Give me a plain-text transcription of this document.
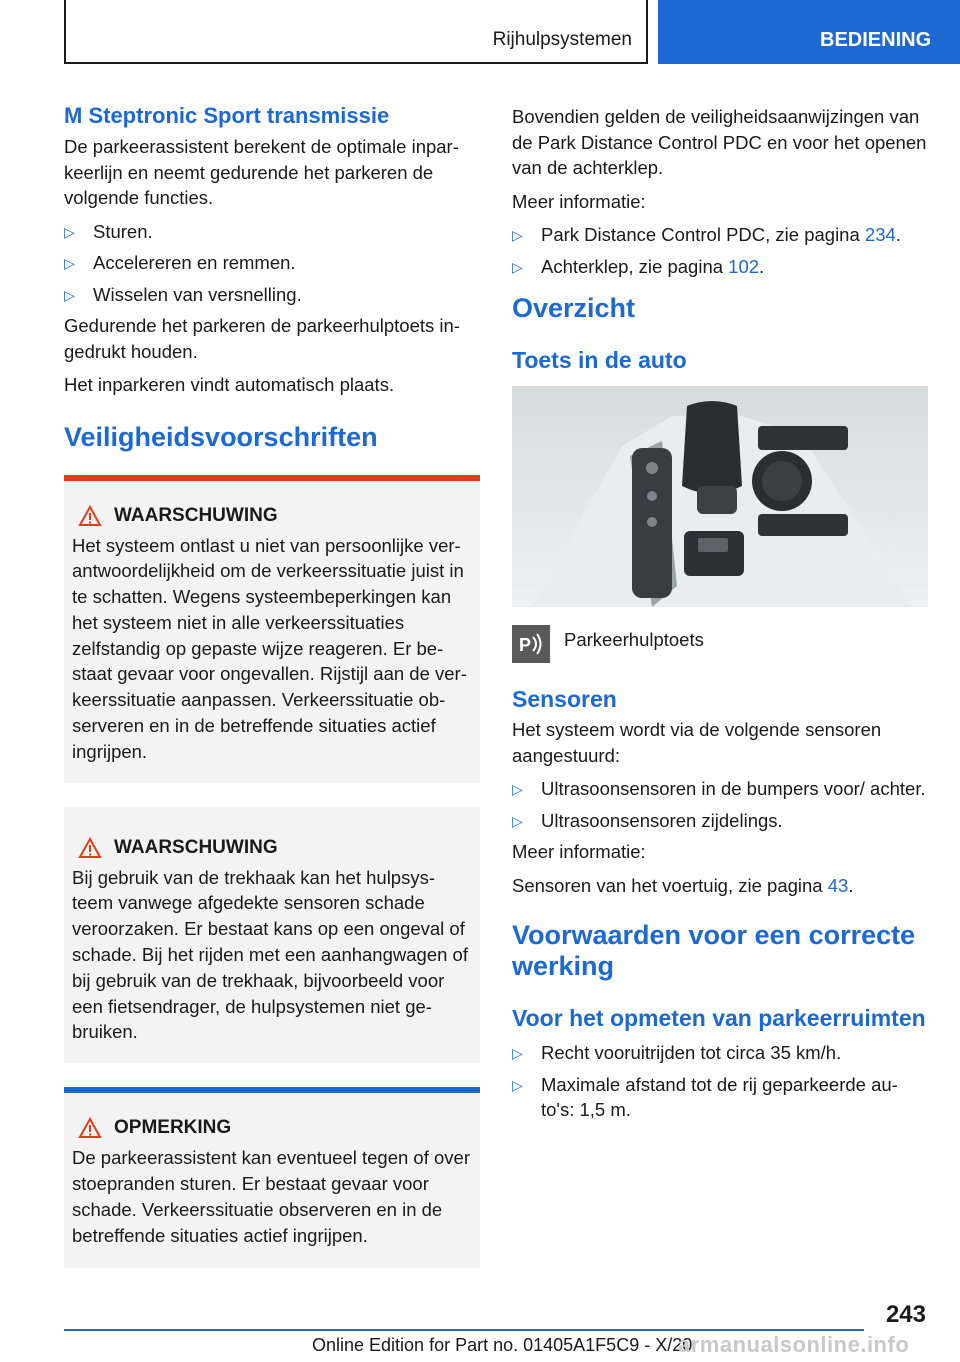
Rijhulpsystemen	BEDIENING
M Steptronic Sport transmissie

De parkeerassistent berekent de optimale inpar-keerlijn en neemt gedurende het parkeren de volgende functies.

▷ Sturen.
▷ Accelereren en remmen.
▷ Wisselen van versnelling.

Gedurende het parkeren de parkeerhulptoets in-gedrukt houden.

Het inparkeren vindt automatisch plaats.

Veiligheidsvoorschriften
WAARSCHUWING
Het systeem ontlast u niet van persoonlijke ver-antwoordelijkheid om de verkeerssituatie juist in te schatten. Wegens systeembeperkingen kan het systeem niet in alle verkeerssituaties zelfstandig op gepaste wijze reageren. Er be-staat gevaar voor ongevallen. Rijstijl aan de ver-keerssituatie aanpassen. Verkeerssituatie ob-serveren en in de betreffende situaties actief ingrijpen.
WAARSCHUWING
Bij gebruik van de trekhaak kan het hulpsys-teem vanwege afgedekte sensoren schade veroorzaken. Er bestaat kans op een ongeval of schade. Bij het rijden met een aanhangwagen of bij gebruik van de trekhaak, bijvoorbeeld voor een fietsendrager, de hulpsystemen niet ge-bruiken.
OPMERKING
De parkeerassistent kan eventueel tegen of over stoepranden sturen. Er bestaat gevaar voor schade. Verkeerssituatie observeren en in de betreffende situaties actief ingrijpen.

Bovendien gelden de veiligheidsaanwijzingen van de Park Distance Control PDC en voor het openen van de achterklep.

Meer informatie:

▷ Park Distance Control PDC, zie pagina 234.
▷ Achterklep, zie pagina 102.
Overzicht
Toets in de auto
P Parkeerhulptoets
Sensoren

Het systeem wordt via de volgende sensoren aangestuurd:

▷ Ultrasoonsensoren in de bumpers voor/ achter.
▷ Ultrasoonsensoren zijdelings.

Meer informatie:

Sensoren van het voertuig, zie pagina 43.

Voorwaarden voor een correcte werking
Voor het opmeten van parkeerruimten
▷ Recht vooruitrijden tot circa 35 km/h.
▷ Maximale afstand tot de rij geparkeerde au-to's: 1,5 m.
243
Online Edition for Part no. 01405A1F5C9 - X/20
armanualsonline.info
